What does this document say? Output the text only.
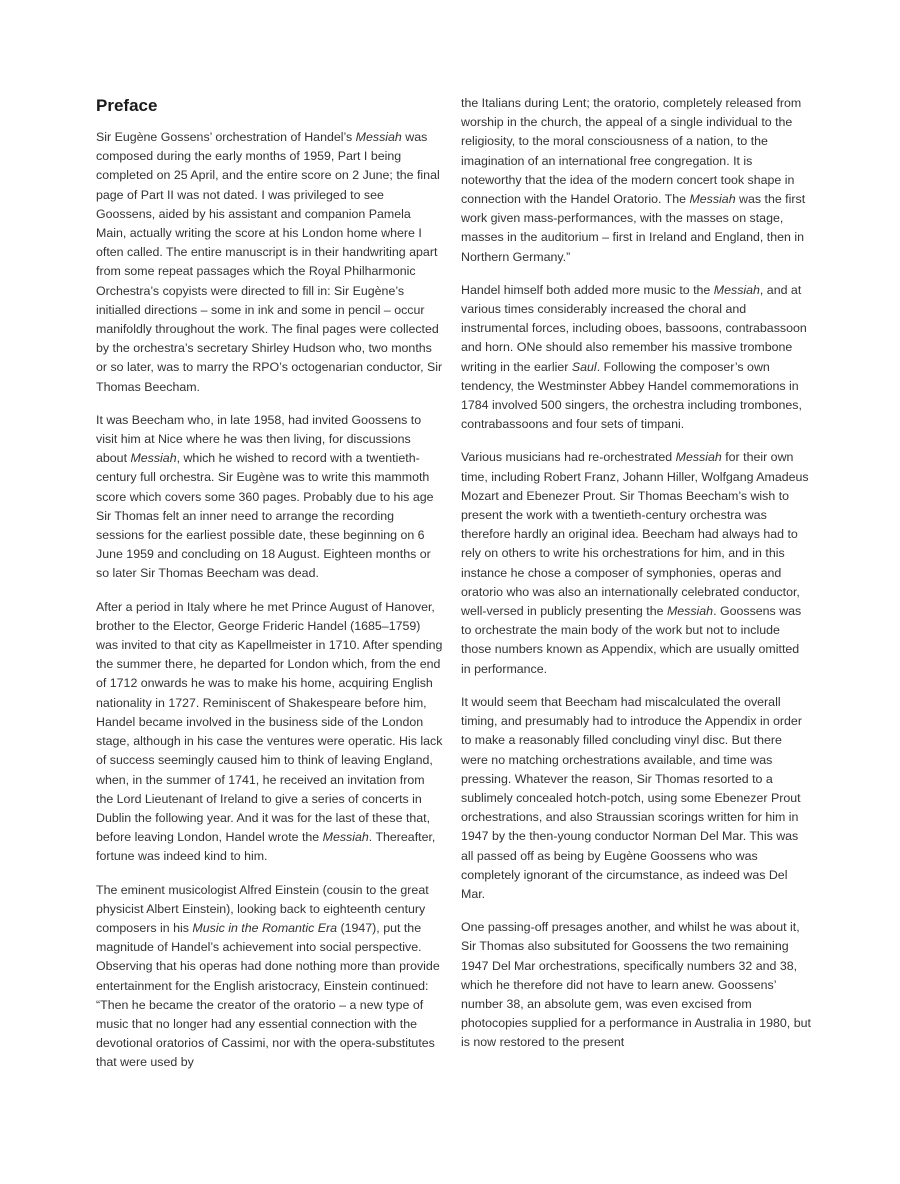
Preface

Sir Eugène Gossens’ orchestration of Handel’s Messiah was composed during the early months of 1959, Part I being completed on 25 April, and the entire score on 2 June; the final page of Part II was not dated. I was privileged to see Goossens, aided by his assistant and companion Pamela Main, actually writing the score at his London home where I often called. The entire manuscript is in their handwriting apart from some repeat passages which the Royal Philharmonic Orchestra’s copyists were directed to fill in: Sir Eugène’s initialled directions – some in ink and some in pencil – occur manifoldly throughout the work. The final pages were collected by the orchestra’s secretary Shirley Hudson who, two months or so later, was to marry the RPO’s octogenarian conductor, Sir Thomas Beecham.

It was Beecham who, in late 1958, had invited Goossens to visit him at Nice where he was then living, for discussions about Messiah, which he wished to record with a twentieth-century full orchestra. Sir Eugène was to write this mammoth score which covers some 360 pages. Probably due to his age Sir Thomas felt an inner need to arrange the recording sessions for the earliest possible date, these beginning on 6 June 1959 and concluding on 18 August. Eighteen months or so later Sir Thomas Beecham was dead.

After a period in Italy where he met Prince August of Hanover, brother to the Elector, George Frideric Handel (1685–1759) was invited to that city as Kapellmeister in 1710. After spending the summer there, he departed for London which, from the end of 1712 onwards he was to make his home, acquiring English nationality in 1727. Reminiscent of Shakespeare before him, Handel became involved in the business side of the London stage, although in his case the ventures were operatic. His lack of success seemingly caused him to think of leaving England, when, in the summer of 1741, he received an invitation from the Lord Lieutenant of Ireland to give a series of concerts in Dublin the following year. And it was for the last of these that, before leaving London, Handel wrote the Messiah. Thereafter, fortune was indeed kind to him.

The eminent musicologist Alfred Einstein (cousin to the great physicist Albert Einstein), looking back to eighteenth century composers in his Music in the Romantic Era (1947), put the magnitude of Handel’s achievement into social perspective. Observing that his operas had done nothing more than provide entertainment for the English aristocracy, Einstein continued: “Then he became the creator of the oratorio – a new type of music that no longer had any essential connection with the devotional oratorios of Cassimi, nor with the opera-substitutes that were used by

the Italians during Lent; the oratorio, completely released from worship in the church, the appeal of a single individual to the religiosity, to the moral consciousness of a nation, to the imagination of an international free congregation. It is noteworthy that the idea of the modern concert took shape in connection with the Handel Oratorio. The Messiah was the first work given mass-performances, with the masses on stage, masses in the auditorium – first in Ireland and England, then in Northern Germany.”

Handel himself both added more music to the Messiah, and at various times considerably increased the choral and instrumental forces, including oboes, bassoons, contrabassoon and horn. ONe should also remember his massive trombone writing in the earlier Saul. Following the composer’s own tendency, the Westminster Abbey Handel commemorations in 1784 involved 500 singers, the orchestra including trombones, contrabassoons and four sets of timpani.

Various musicians had re-orchestrated Messiah for their own time, including Robert Franz, Johann Hiller, Wolfgang Amadeus Mozart and Ebenezer Prout. Sir Thomas Beecham’s wish to present the work with a twentieth-century orchestra was therefore hardly an original idea. Beecham had always had to rely on others to write his orchestrations for him, and in this instance he chose a composer of symphonies, operas and oratorio who was also an internationally celebrated conductor, well-versed in publicly presenting the Messiah. Goossens was to orchestrate the main body of the work but not to include those numbers known as Appendix, which are usually omitted in performance.

It would seem that Beecham had miscalculated the overall timing, and presumably had to introduce the Appendix in order to make a reasonably filled concluding vinyl disc. But there were no matching orchestrations available, and time was pressing. Whatever the reason, Sir Thomas resorted to a sublimely concealed hotch-potch, using some Ebenezer Prout orchestrations, and also Straussian scorings written for him in 1947 by the then-young conductor Norman Del Mar. This was all passed off as being by Eugène Goossens who was completely ignorant of the circumstance, as indeed was Del Mar.

One passing-off presages another, and whilst he was about it, Sir Thomas also subsituted for Goossens the two remaining 1947 Del Mar orchestrations, specifically numbers 32 and 38, which he therefore did not have to learn anew. Goossens’ number 38, an absolute gem, was even excised from photocopies supplied for a performance in Australia in 1980, but is now restored to the present
